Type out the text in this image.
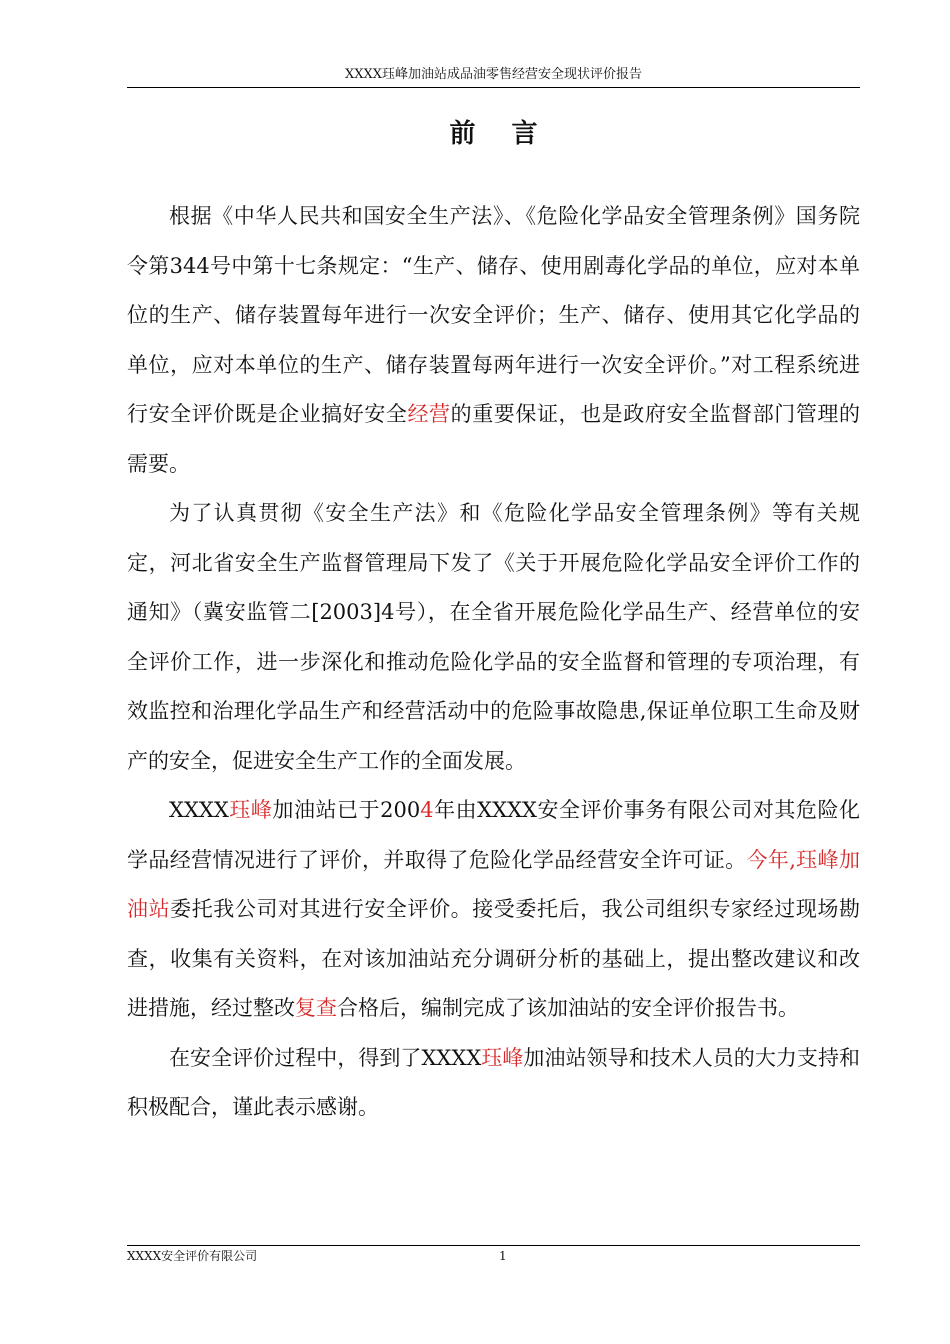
XXXX珏峰加油站成品油零售经营安全现状评价报告
前言

根据《中华人民共和国安全生产法》、《危险化学品安全管理条例》国务院令第344号中第十七条规定：“生产、储存、使用剧毒化学品的单位，应对本单位的生产、储存装置每年进行一次安全评价；生产、储存、使用其它化学品的单位，应对本单位的生产、储存装置每两年进行一次安全评价。”对工程系统进行安全评价既是企业搞好安全经营的重要保证，也是政府安全监督部门管理的需要。

为了认真贯彻《安全生产法》和《危险化学品安全管理条例》等有关规定，河北省安全生产监督管理局下发了《关于开展危险化学品安全评价工作的通知》（冀安监管二[2003]4号），在全省开展危险化学品生产、经营单位的安全评价工作，进一步深化和推动危险化学品的安全监督和管理的专项治理，有效监控和治理化学品生产和经营活动中的危险事故隐患,保证单位职工生命及财产的安全，促进安全生产工作的全面发展。

XXXX珏峰加油站已于2004年由XXXX安全评价事务有限公司对其危险化学品经营情况进行了评价，并取得了危险化学品经营安全许可证。今年,珏峰加油站委托我公司对其进行安全评价。接受委托后，我公司组织专家经过现场勘查，收集有关资料，在对该加油站充分调研分析的基础上，提出整改建议和改进措施，经过整改复查合格后，编制完成了该加油站的安全评价报告书。

在安全评价过程中，得到了XXXX珏峰加油站领导和技术人员的大力支持和积极配合，谨此表示感谢。

XXXX安全评价有限公司	1
